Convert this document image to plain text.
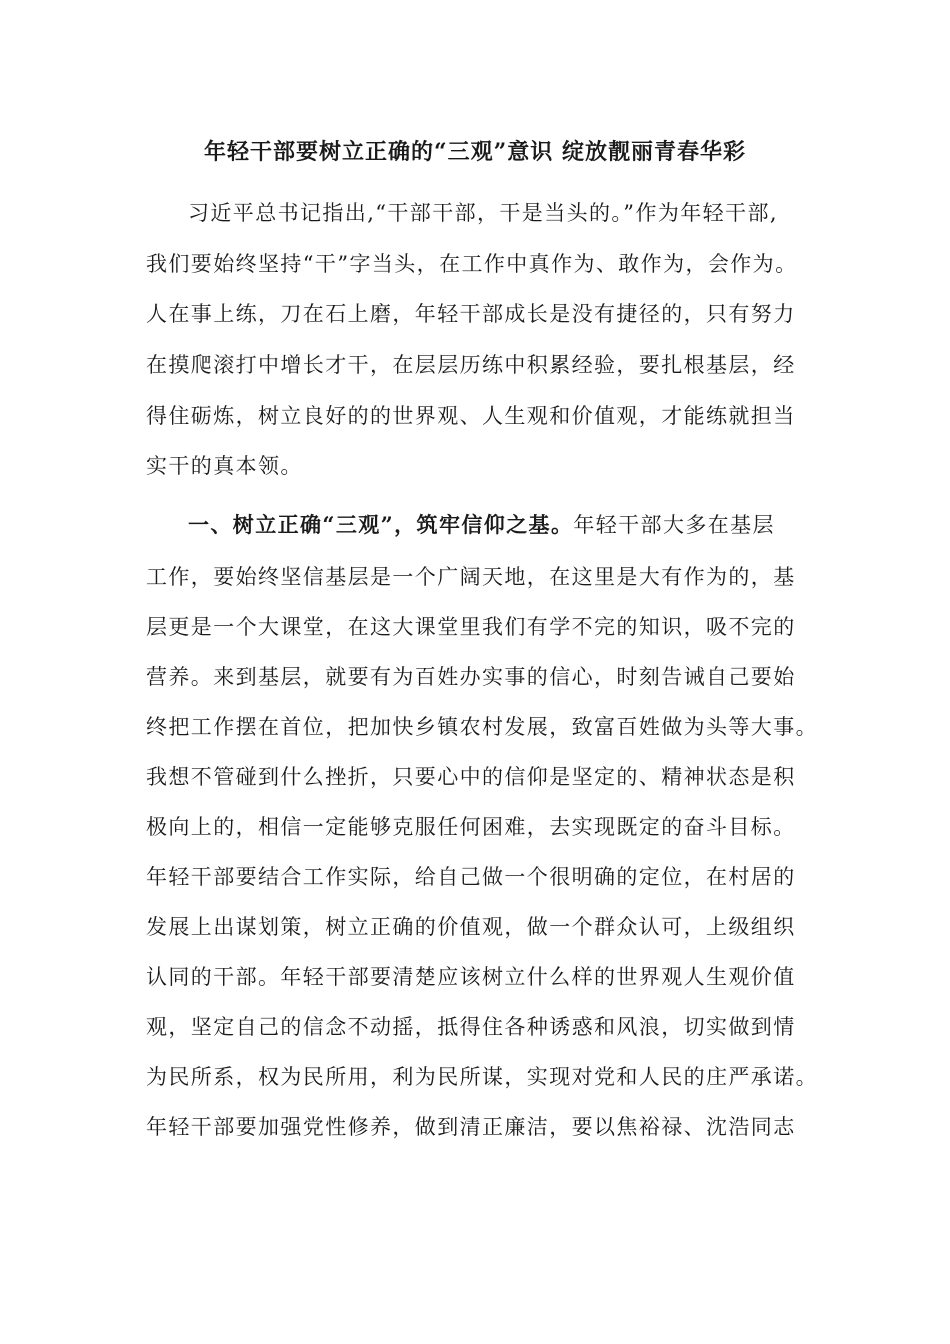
年轻干部要树立正确的“三观”意识 绽放靓丽青春华彩

习近平总书记指出,“干部干部，干是当头的。”作为年轻干部,

我们要始终坚持“干”字当头，在工作中真作为、敢作为，会作为。

人在事上练，刀在石上磨，年轻干部成长是没有捷径的，只有努力

在摸爬滚打中增长才干，在层层历练中积累经验，要扎根基层，经

得住砺炼，树立良好的的世界观、人生观和价值观，才能练就担当

实干的真本领。

一、树立正确“三观”，筑牢信仰之基。年轻干部大多在基层

工作，要始终坚信基层是一个广阔天地，在这里是大有作为的，基

层更是一个大课堂，在这大课堂里我们有学不完的知识，吸不完的

营养。来到基层，就要有为百姓办实事的信心，时刻告诫自己要始

终把工作摆在首位，把加快乡镇农村发展，致富百姓做为头等大事。

我想不管碰到什么挫折，只要心中的信仰是坚定的、精神状态是积

极向上的，相信一定能够克服任何困难，去实现既定的奋斗目标。

年轻干部要结合工作实际，给自己做一个很明确的定位，在村居的

发展上出谋划策，树立正确的价值观，做一个群众认可，上级组织

认同的干部。年轻干部要清楚应该树立什么样的世界观人生观价值

观，坚定自己的信念不动摇，抵得住各种诱惑和风浪，切实做到情

为民所系，权为民所用，利为民所谋，实现对党和人民的庄严承诺。

年轻干部要加强党性修养，做到清正廉洁，要以焦裕禄、沈浩同志
